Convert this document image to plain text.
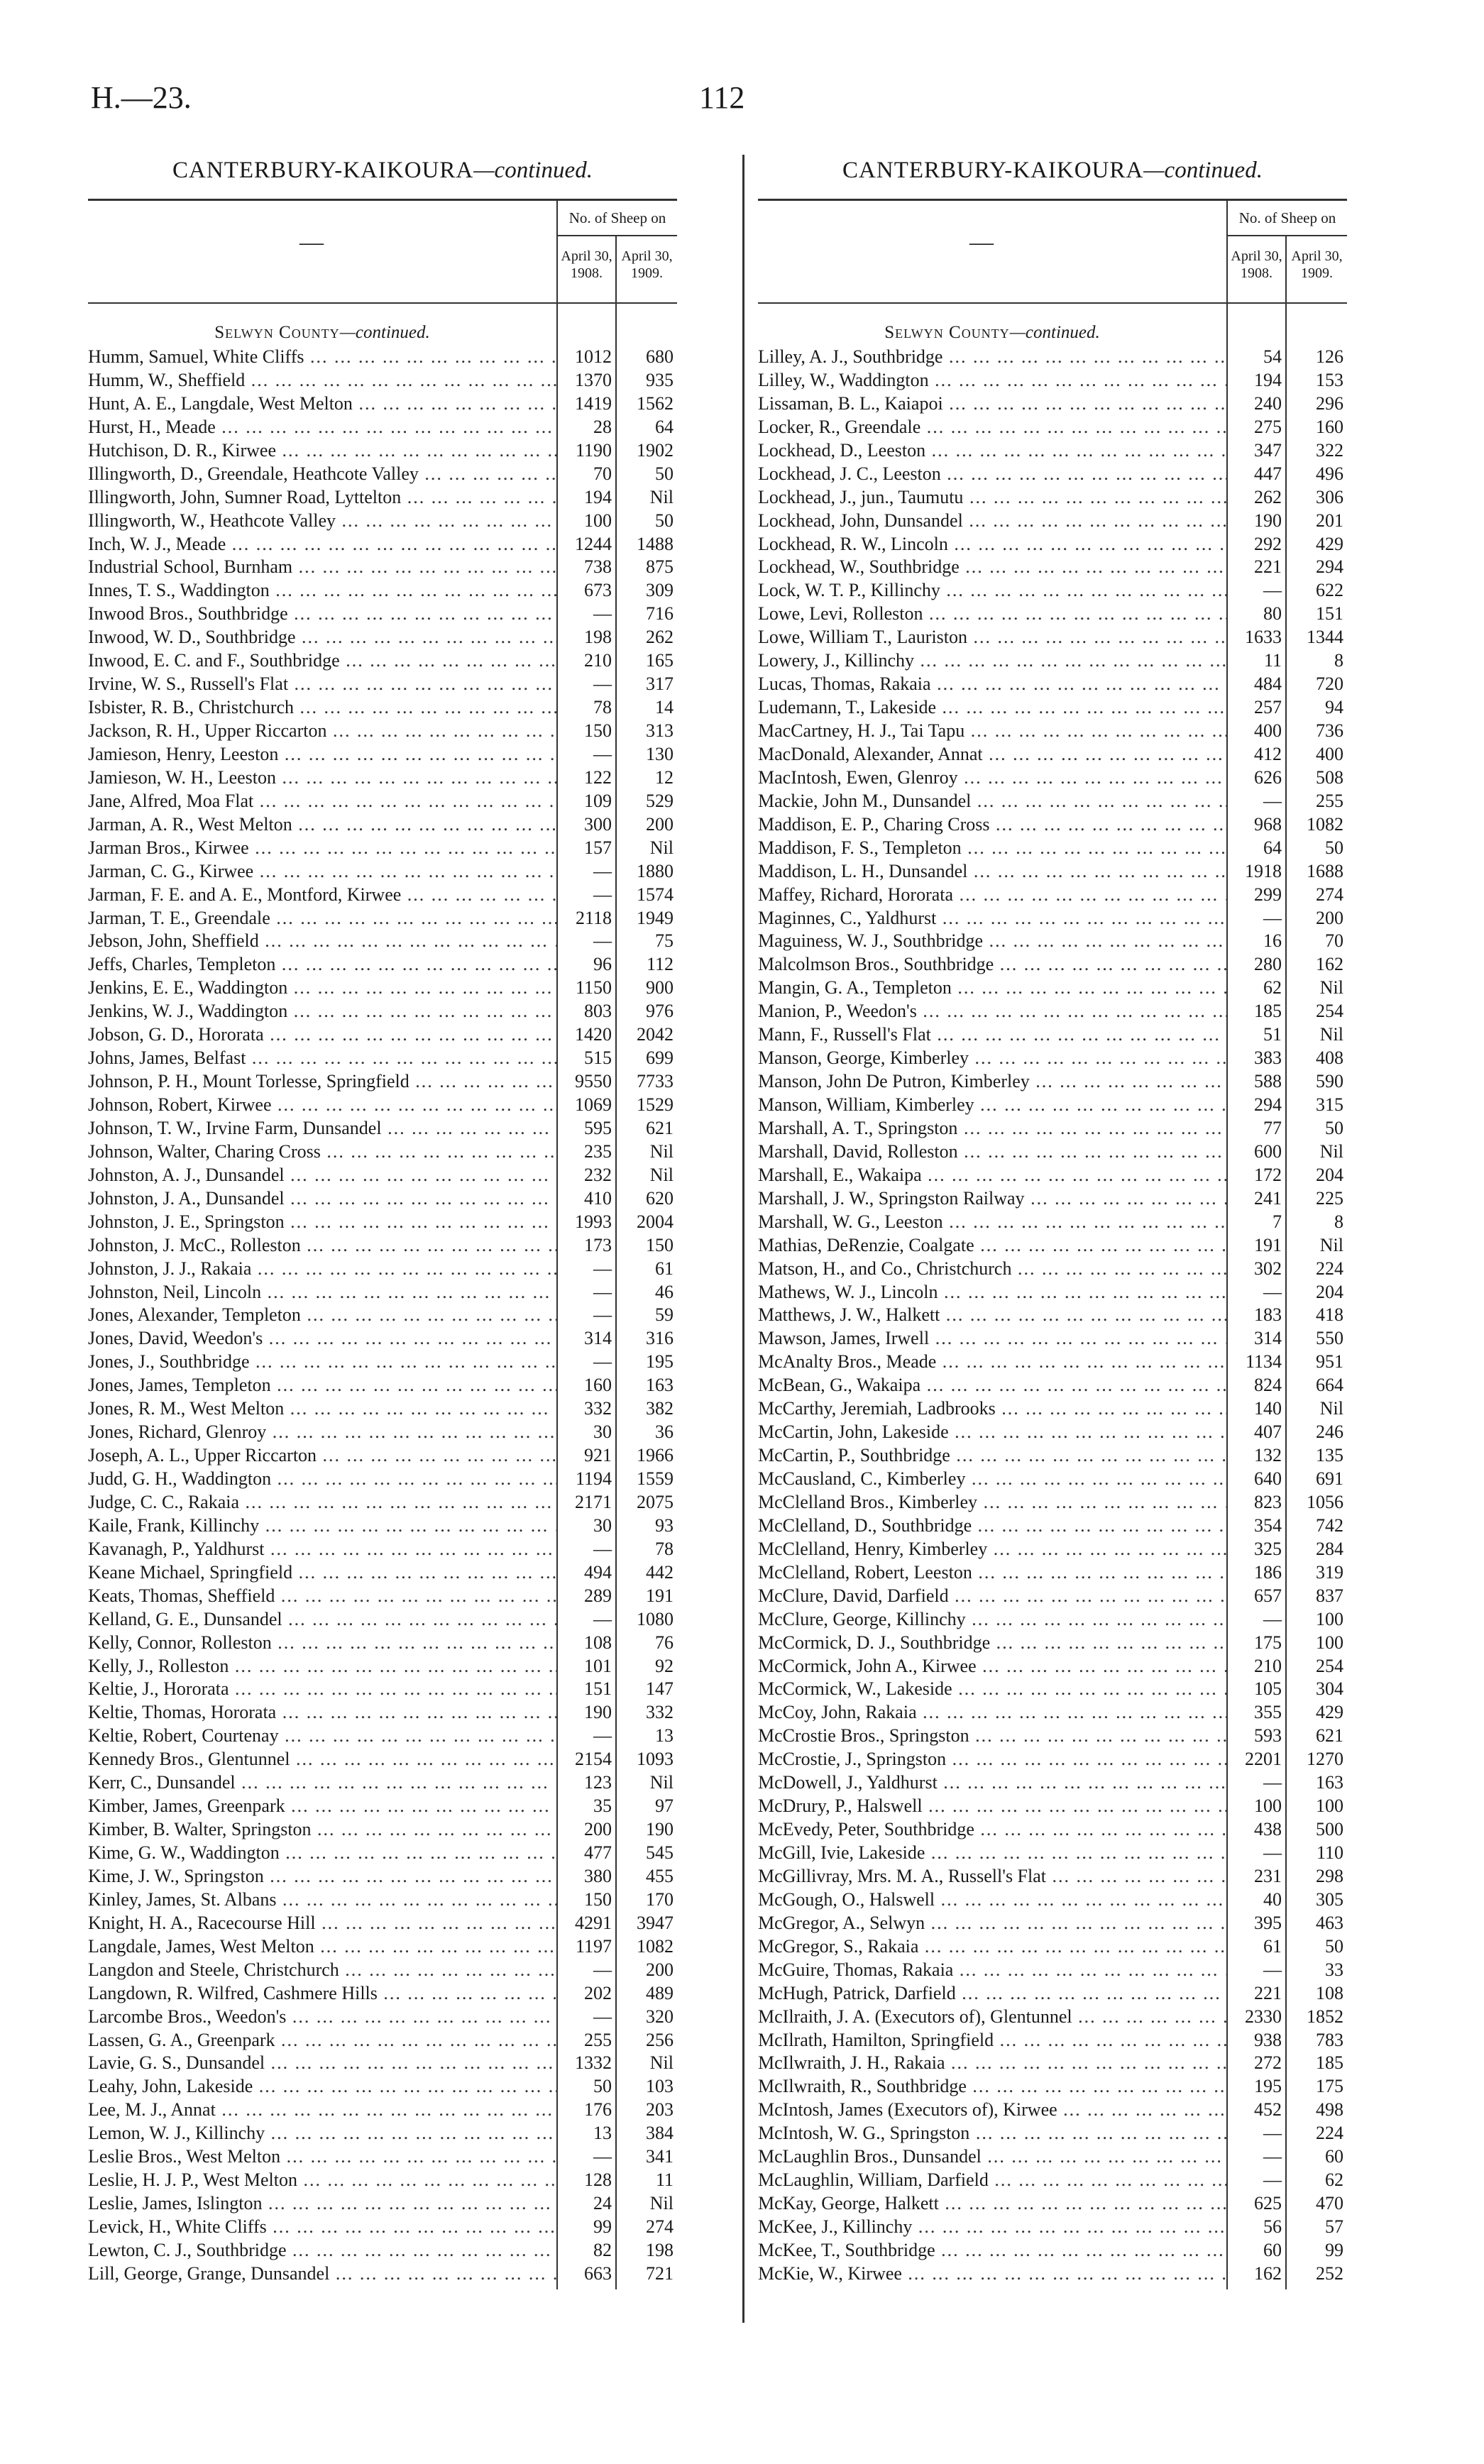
H.—23.	112
CANTERBURY-KAIKOURA—continued.
—
No. of Sheep on
April 30, 1908.
April 30, 1909.
Selwyn County—continued.
Humm, Samuel, White Cliffs ...	1012	680
Humm, W., Sheffield ...	1370	935
Hunt, A. E., Langdale, West Melton ...	1419	1562
Hurst, H., Meade ...	28	64
Hutchison, D. R., Kirwee ...	1190	1902
Illingworth, D., Greendale, Heathcote Valley ...	70	50
Illingworth, John, Sumner Road, Lyttelton ...	194	Nil
Illingworth, W., Heathcote Valley ...	100	50
Inch, W. J., Meade ...	1244	1488
Industrial School, Burnham ...	738	875
Innes, T. S., Waddington ...	673	309
Inwood Bros., Southbridge ...	—	716
Inwood, W. D., Southbridge ...	198	262
Inwood, E. C. and F., Southbridge ...	210	165
Irvine, W. S., Russell's Flat ...	—	317
Isbister, R. B., Christchurch ...	78	14
Jackson, R. H., Upper Riccarton ...	150	313
Jamieson, Henry, Leeston ...	—	130
Jamieson, W. H., Leeston ...	122	12
Jane, Alfred, Moa Flat ...	109	529
Jarman, A. R., West Melton ...	300	200
Jarman Bros., Kirwee ...	157	Nil
Jarman, C. G., Kirwee ...	—	1880
Jarman, F. E. and A. E., Montford, Kirwee ...	—	1574
Jarman, T. E., Greendale ...	2118	1949
Jebson, John, Sheffield ...	—	75
Jeffs, Charles, Templeton ...	96	112
Jenkins, E. E., Waddington ...	1150	900
Jenkins, W. J., Waddington ...	803	976
Jobson, G. D., Hororata ...	1420	2042
Johns, James, Belfast ...	515	699
Johnson, P. H., Mount Torlesse, Springfield ...	9550	7733
Johnson, Robert, Kirwee ...	1069	1529
Johnson, T. W., Irvine Farm, Dunsandel ...	595	621
Johnson, Walter, Charing Cross ...	235	Nil
Johnston, A. J., Dunsandel ...	232	Nil
Johnston, J. A., Dunsandel ...	410	620
Johnston, J. E., Springston ...	1993	2004
Johnston, J. McC., Rolleston ...	173	150
Johnston, J. J., Rakaia ...	—	61
Johnston, Neil, Lincoln ...	—	46
Jones, Alexander, Templeton ...	—	59
Jones, David, Weedon's ...	314	316
Jones, J., Southbridge ...	—	195
Jones, James, Templeton ...	160	163
Jones, R. M., West Melton ...	332	382
Jones, Richard, Glenroy ...	30	36
Joseph, A. L., Upper Riccarton ...	921	1966
Judd, G. H., Waddington ...	1194	1559
Judge, C. C., Rakaia ...	2171	2075
Kaile, Frank, Killinchy ...	30	93
Kavanagh, P., Yaldhurst ...	—	78
Keane Michael, Springfield ...	494	442
Keats, Thomas, Sheffield ...	289	191
Kelland, G. E., Dunsandel ...	—	1080
Kelly, Connor, Rolleston ...	108	76
Kelly, J., Rolleston ...	101	92
Keltie, J., Hororata ...	151	147
Keltie, Thomas, Hororata ...	190	332
Keltie, Robert, Courtenay ...	—	13
Kennedy Bros., Glentunnel ...	2154	1093
Kerr, C., Dunsandel ...	123	Nil
Kimber, James, Greenpark ...	35	97
Kimber, B. Walter, Springston ...	200	190
Kime, G. W., Waddington ...	477	545
Kime, J. W., Springston ...	380	455
Kinley, James, St. Albans ...	150	170
Knight, H. A., Racecourse Hill ...	4291	3947
Langdale, James, West Melton ...	1197	1082
Langdon and Steele, Christchurch ...	—	200
Langdown, R. Wilfred, Cashmere Hills ...	202	489
Larcombe Bros., Weedon's ...	—	320
Lassen, G. A., Greenpark ...	255	256
Lavie, G. S., Dunsandel ...	1332	Nil
Leahy, John, Lakeside ...	50	103
Lee, M. J., Annat ...	176	203
Lemon, W. J., Killinchy ...	13	384
Leslie Bros., West Melton ...	—	341
Leslie, H. J. P., West Melton ...	128	11
Leslie, James, Islington ...	24	Nil
Levick, H., White Cliffs ...	99	274
Lewton, C. J., Southbridge ...	82	198
Lill, George, Grange, Dunsandel ...	663	721
CANTERBURY-KAIKOURA—continued.
—
No. of Sheep on
April 30, 1908.
April 30, 1909.
Selwyn County—continued.
Lilley, A. J., Southbridge ...	54	126
Lilley, W., Waddington ...	194	153
Lissaman, B. L., Kaiapoi ...	240	296
Locker, R., Greendale ...	275	160
Lockhead, D., Leeston ...	347	322
Lockhead, J. C., Leeston ...	447	496
Lockhead, J., jun., Taumutu ...	262	306
Lockhead, John, Dunsandel ...	190	201
Lockhead, R. W., Lincoln ...	292	429
Lockhead, W., Southbridge ...	221	294
Lock, W. T. P., Killinchy ...	—	622
Lowe, Levi, Rolleston ...	80	151
Lowe, William T., Lauriston ...	1633	1344
Lowery, J., Killinchy ...	11	8
Lucas, Thomas, Rakaia ...	484	720
Ludemann, T., Lakeside ...	257	94
MacCartney, H. J., Tai Tapu ...	400	736
MacDonald, Alexander, Annat ...	412	400
MacIntosh, Ewen, Glenroy ...	626	508
Mackie, John M., Dunsandel ...	—	255
Maddison, E. P., Charing Cross ...	968	1082
Maddison, F. S., Templeton ...	64	50
Maddison, L. H., Dunsandel ...	1918	1688
Maffey, Richard, Hororata ...	299	274
Maginnes, C., Yaldhurst ...	—	200
Maguiness, W. J., Southbridge ...	16	70
Malcolmson Bros., Southbridge ...	280	162
Mangin, G. A., Templeton ...	62	Nil
Manion, P., Weedon's ...	185	254
Mann, F., Russell's Flat ...	51	Nil
Manson, George, Kimberley ...	383	408
Manson, John De Putron, Kimberley ...	588	590
Manson, William, Kimberley ...	294	315
Marshall, A. T., Springston ...	77	50
Marshall, David, Rolleston ...	600	Nil
Marshall, E., Wakaipa ...	172	204
Marshall, J. W., Springston Railway ...	241	225
Marshall, W. G., Leeston ...	7	8
Mathias, DeRenzie, Coalgate ...	191	Nil
Matson, H., and Co., Christchurch ...	302	224
Mathews, W. J., Lincoln ...	—	204
Matthews, J. W., Halkett ...	183	418
Mawson, James, Irwell ...	314	550
McAnalty Bros., Meade ...	1134	951
McBean, G., Wakaipa ...	824	664
McCarthy, Jeremiah, Ladbrooks ...	140	Nil
McCartin, John, Lakeside ...	407	246
McCartin, P., Southbridge ...	132	135
McCausland, C., Kimberley ...	640	691
McClelland Bros., Kimberley ...	823	1056
McClelland, D., Southbridge ...	354	742
McClelland, Henry, Kimberley ...	325	284
McClelland, Robert, Leeston ...	186	319
McClure, David, Darfield ...	657	837
McClure, George, Killinchy ...	—	100
McCormick, D. J., Southbridge ...	175	100
McCormick, John A., Kirwee ...	210	254
McCormick, W., Lakeside ...	105	304
McCoy, John, Rakaia ...	355	429
McCrostie Bros., Springston ...	593	621
McCrostie, J., Springston ...	2201	1270
McDowell, J., Yaldhurst ...	—	163
McDrury, P., Halswell ...	100	100
McEvedy, Peter, Southbridge ...	438	500
McGill, Ivie, Lakeside ...	—	110
McGillivray, Mrs. M. A., Russell's Flat ...	231	298
McGough, O., Halswell ...	40	305
McGregor, A., Selwyn ...	395	463
McGregor, S., Rakaia ...	61	50
McGuire, Thomas, Rakaia ...	—	33
McHugh, Patrick, Darfield ...	221	108
McIlraith, J. A. (Executors of), Glentunnel ...	2330	1852
McIlrath, Hamilton, Springfield ...	938	783
McIlwraith, J. H., Rakaia ...	272	185
McIlwraith, R., Southbridge ...	195	175
McIntosh, James (Executors of), Kirwee ...	452	498
McIntosh, W. G., Springston ...	—	224
McLaughlin Bros., Dunsandel ...	—	60
McLaughlin, William, Darfield ...	—	62
McKay, George, Halkett ...	625	470
McKee, J., Killinchy ...	56	57
McKee, T., Southbridge ...	60	99
McKie, W., Kirwee ...	162	252
